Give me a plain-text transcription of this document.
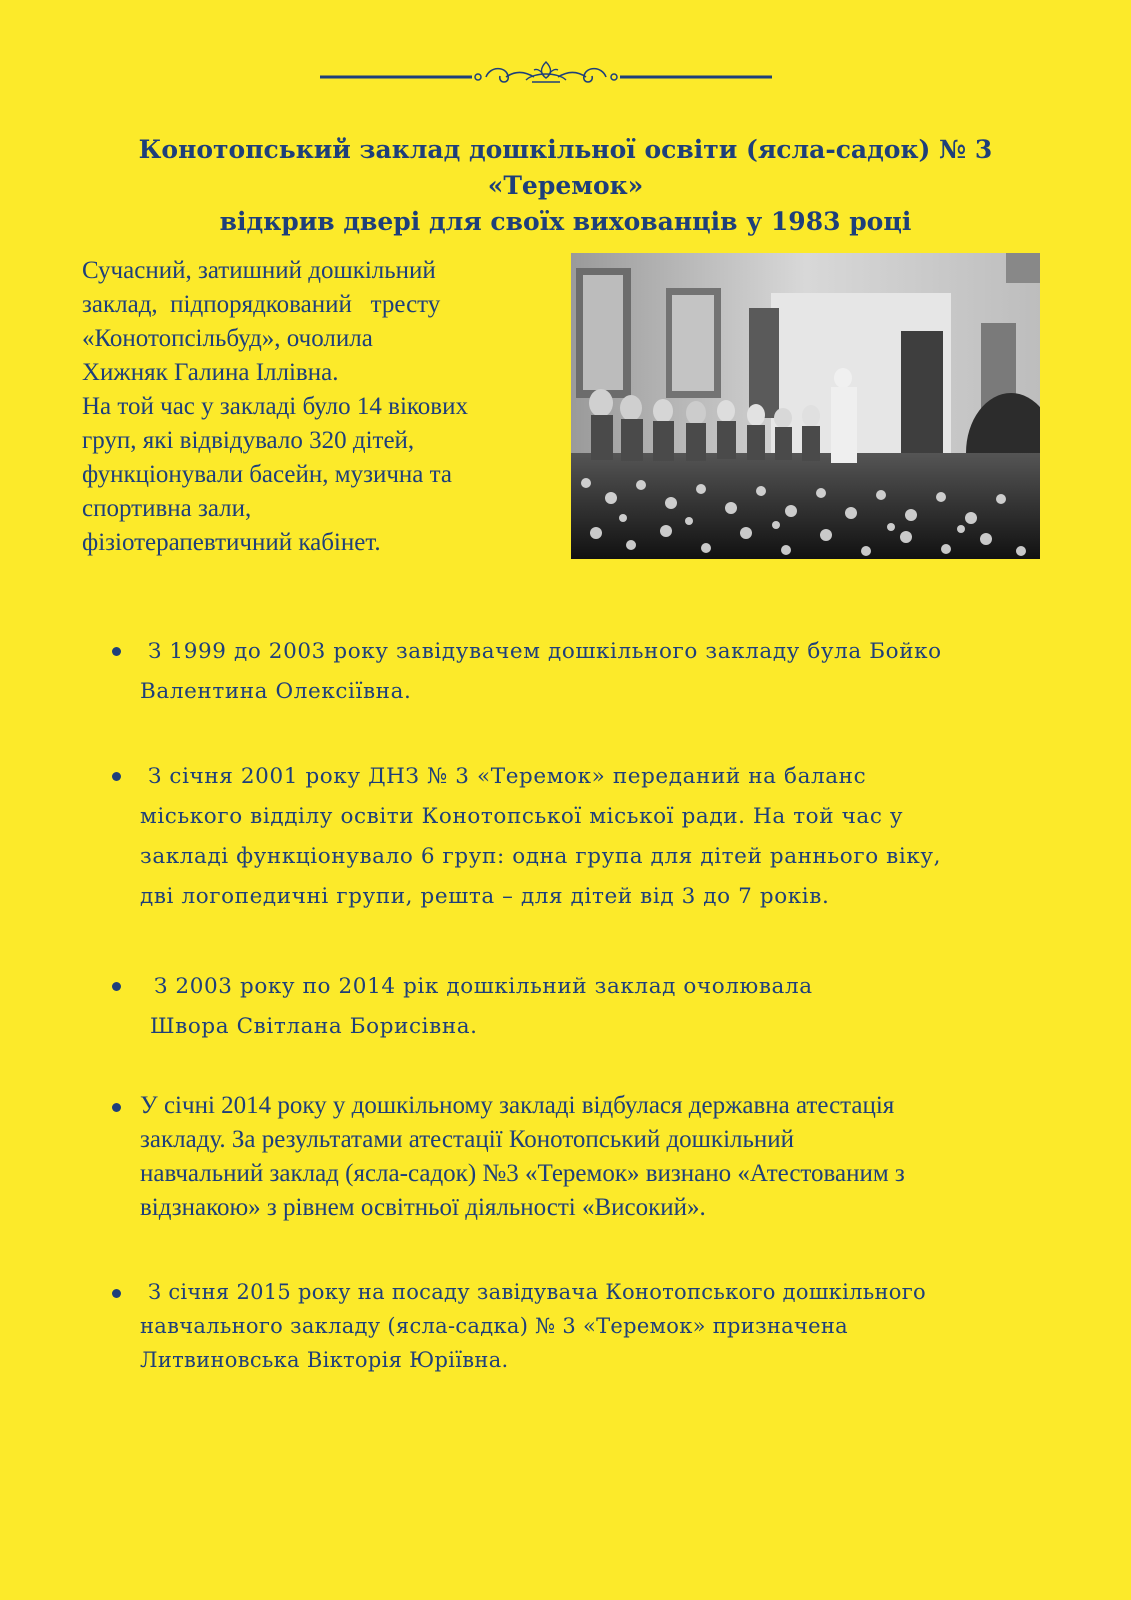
Конотопський заклад дошкільної освіти (ясла-садок) № 3 «Теремок»
відкрив двері для своїх вихованців у 1983 році

Сучасний, затишний дошкільний

заклад,  підпорядкований   тресту

«Конотопсільбуд», очолила

Хижняк Галина Іллівна.

На той час у закладі було 14 вікових

груп, які відвідувало 320 дітей,

функціонували басейн, музична та

спортивна зали,

фізіотерапевтичний кабінет.

З 1999 до 2003 року завідувачем дошкільного закладу була Бойко
Валентина Олексіївна.
З січня 2001 року ДНЗ № 3 «Теремок» переданий на баланс
міського відділу освіти Конотопської міської ради. На той час у
закладі функціонувало 6 груп: одна група для дітей раннього віку,
дві логопедичні групи, решта – для дітей від 3 до 7 років.
З 2003 року по 2014 рік дошкільний заклад очолювала
Швора Світлана Борисівна.
У січні 2014 року у дошкільному закладі відбулася державна атестація
закладу. За результатами атестації Конотопський дошкільний
навчальний заклад (ясла-садок) №3 «Теремок» визнано «Атестованим з
відзнакою» з рівнем освітньої діяльності «Високий».
З січня 2015 року на посаду завідувача Конотопського дошкільного
навчального закладу (ясла-садка) № 3 «Теремок» призначена
Литвиновська Вікторія Юріївна.
